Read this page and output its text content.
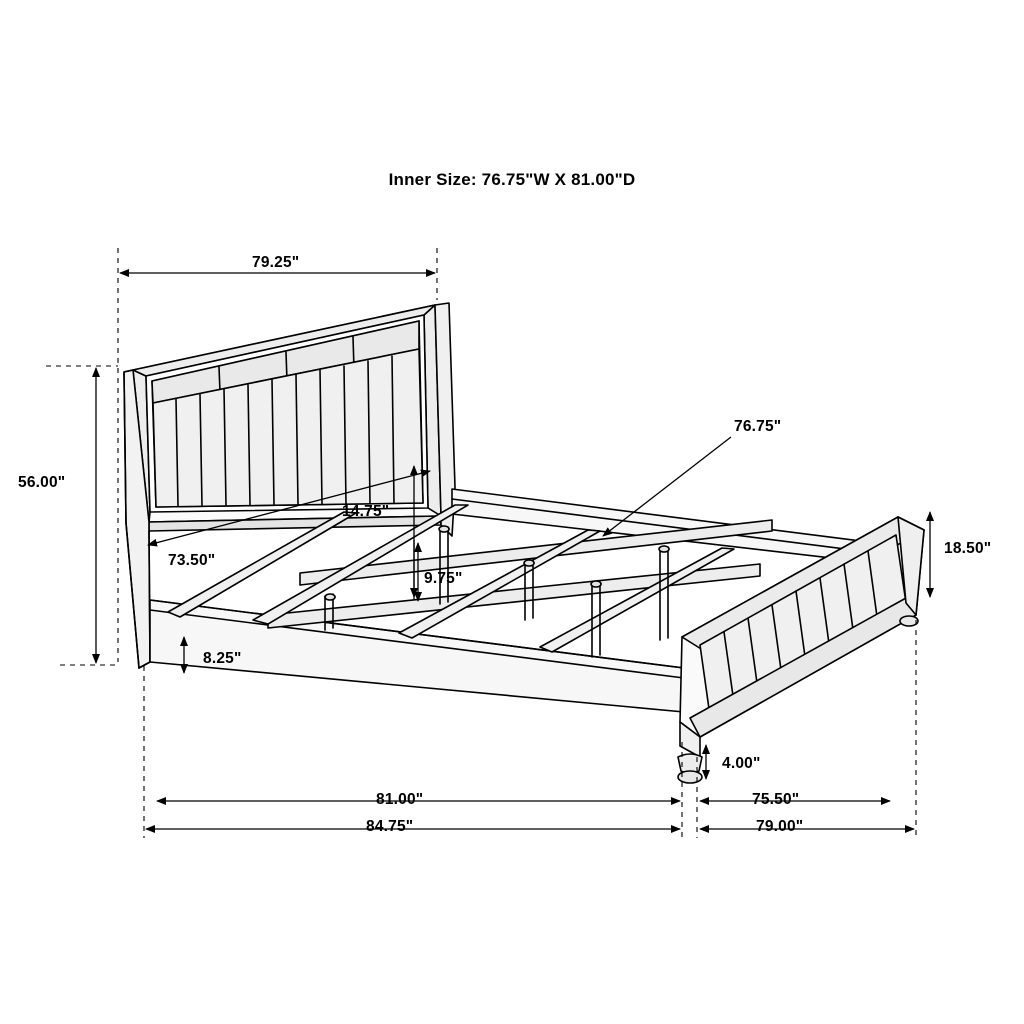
Inner Size: 76.75"W X 81.00"D
79.25"
56.00"
73.50"
14.75"
9.75"
8.25"
76.75"
18.50"
4.00"
81.00"
84.75"
75.50"
79.00"
